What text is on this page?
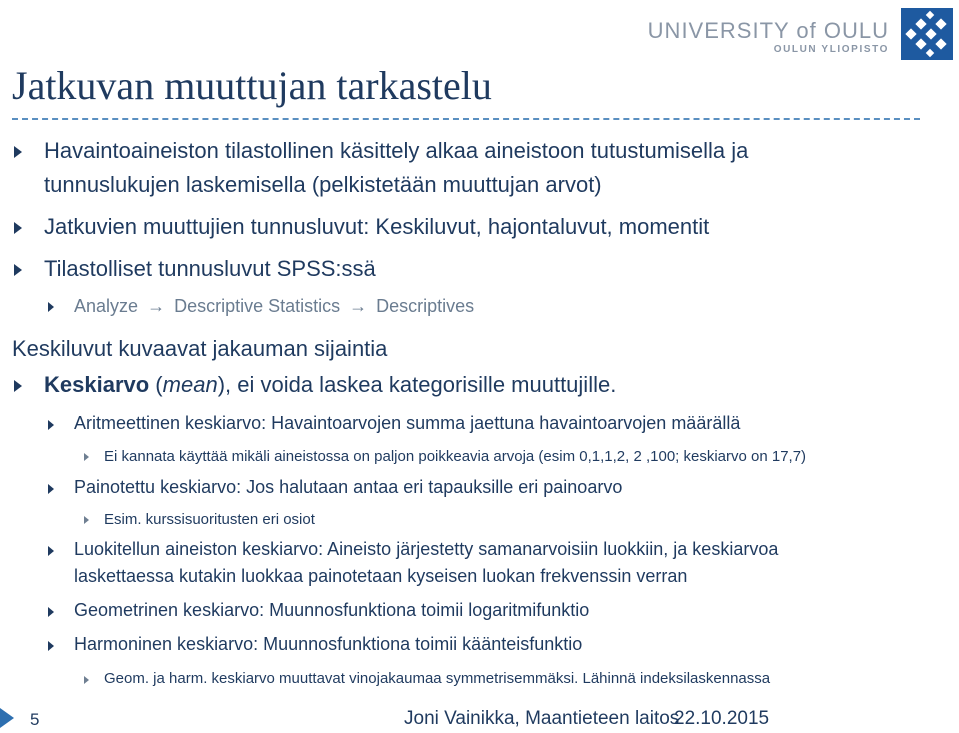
UNIVERSITY of OULU
OULUN YLIOPISTO
Jatkuvan muuttujan tarkastelu
Havaintoaineiston tilastollinen käsittely alkaa aineistoon tutustumisella ja
tunnuslukujen laskemisella (pelkistetään muuttujan arvot)
Jatkuvien muuttujien tunnusluvut: Keskiluvut, hajontaluvut, momentit
Tilastolliset tunnusluvut SPSS:ssä
Analyze → Descriptive Statistics → Descriptives
Keskiluvut kuvaavat jakauman sijaintia
Keskiarvo (mean), ei voida laskea kategorisille muuttujille.
Aritmeettinen keskiarvo: Havaintoarvojen summa jaettuna havaintoarvojen määrällä
Ei kannata käyttää mikäli aineistossa on paljon poikkeavia arvoja (esim 0,1,1,2, 2 ,100; keskiarvo on 17,7)
Painotettu keskiarvo: Jos halutaan antaa eri tapauksille eri painoarvo
Esim. kurssisuoritusten eri osiot
Luokitellun aineiston keskiarvo: Aineisto järjestetty samanarvoisiin luokkiin, ja keskiarvoa
laskettaessa kutakin luokkaa painotetaan kyseisen luokan frekvenssin verran
Geometrinen keskiarvo: Muunnosfunktiona toimii logaritmifunktio
Harmoninen keskiarvo: Muunnosfunktiona toimii käänteisfunktio
Geom. ja harm. keskiarvo muuttavat vinojakaumaa symmetrisemmäksi. Lähinnä indeksilaskennassa
5	Joni Vainikka, Maantieteen laitos
22.10.2015
